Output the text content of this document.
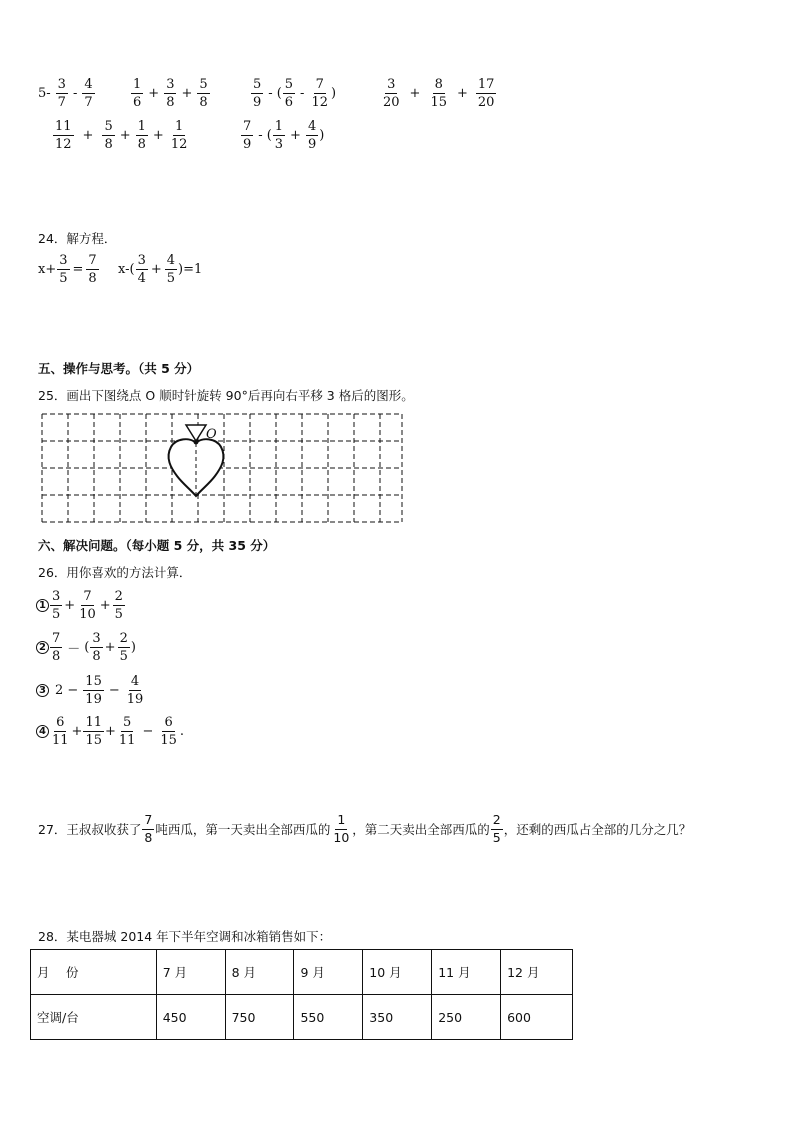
$5- \frac{3}{7} - \frac{4}{7}$	$\frac{1}{6} + \frac{3}{8} + \frac{5}{8}$	$\frac{5}{9}$ - ( $\frac{5}{6} - \frac{7}{12}$ )	$\frac{3}{20} + \frac{8}{15} + \frac{17}{20}$
$\frac{11}{12} + \frac{5}{8} + \frac{1}{8} + \frac{1}{12}$	$\frac{7}{9}$ - ( $\frac{1}{3} + \frac{4}{9}$ )
24．解方程．
$x+ \frac{3}{5} = \frac{7}{8} x-( \frac{3}{4} + \frac{4}{5} )=1$
五、操作与思考。（共 5 分）
25．画出下图绕点 O 顺时针旋转 90°后再向右平移 3 格后的图形。
O
六、解决问题。（每小题 5 分，共 35 分）
26．用你喜欢的方法计算．
$1 \frac{3}{5} + \frac{7}{10} + \frac{2}{5}$
$2 \frac{7}{8}$ － ( $\frac{3}{8} + \frac{2}{5}$ )
3 $2 - \frac{15}{19} - \frac{4}{19}$
$4 \frac{6}{11} + \frac{11}{15} + \frac{5}{11} - \frac{6}{15}$ .
27．王叔叔收获了 $\frac{7}{8}$ 吨西瓜，第一天卖出全部西瓜的 $\frac{1}{10}$ ，第二天卖出全部西瓜的 $\frac{2}{5}$ ，还剩的西瓜占全部的几分之几？
28．某电器城 2014 年下半年空调和冰箱销售如下：
月　 份	7 月	8 月	9 月	10 月	11 月	12 月
空调/台	450	750	550	350	250	600
